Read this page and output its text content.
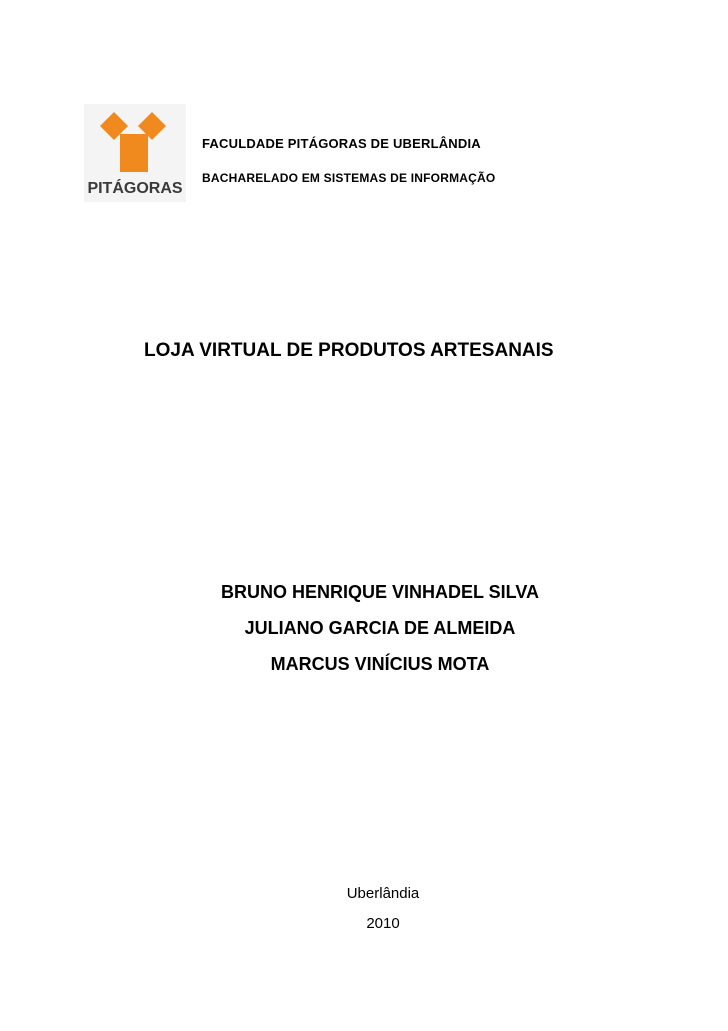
PITÁGORAS
FACULDADE PITÁGORAS DE UBERLÂNDIA
BACHARELADO EM SISTEMAS DE INFORMAÇÃO
LOJA VIRTUAL DE PRODUTOS ARTESANAIS
BRUNO HENRIQUE VINHADEL SILVA
JULIANO GARCIA DE ALMEIDA
MARCUS VINÍCIUS MOTA
Uberlândia
2010
